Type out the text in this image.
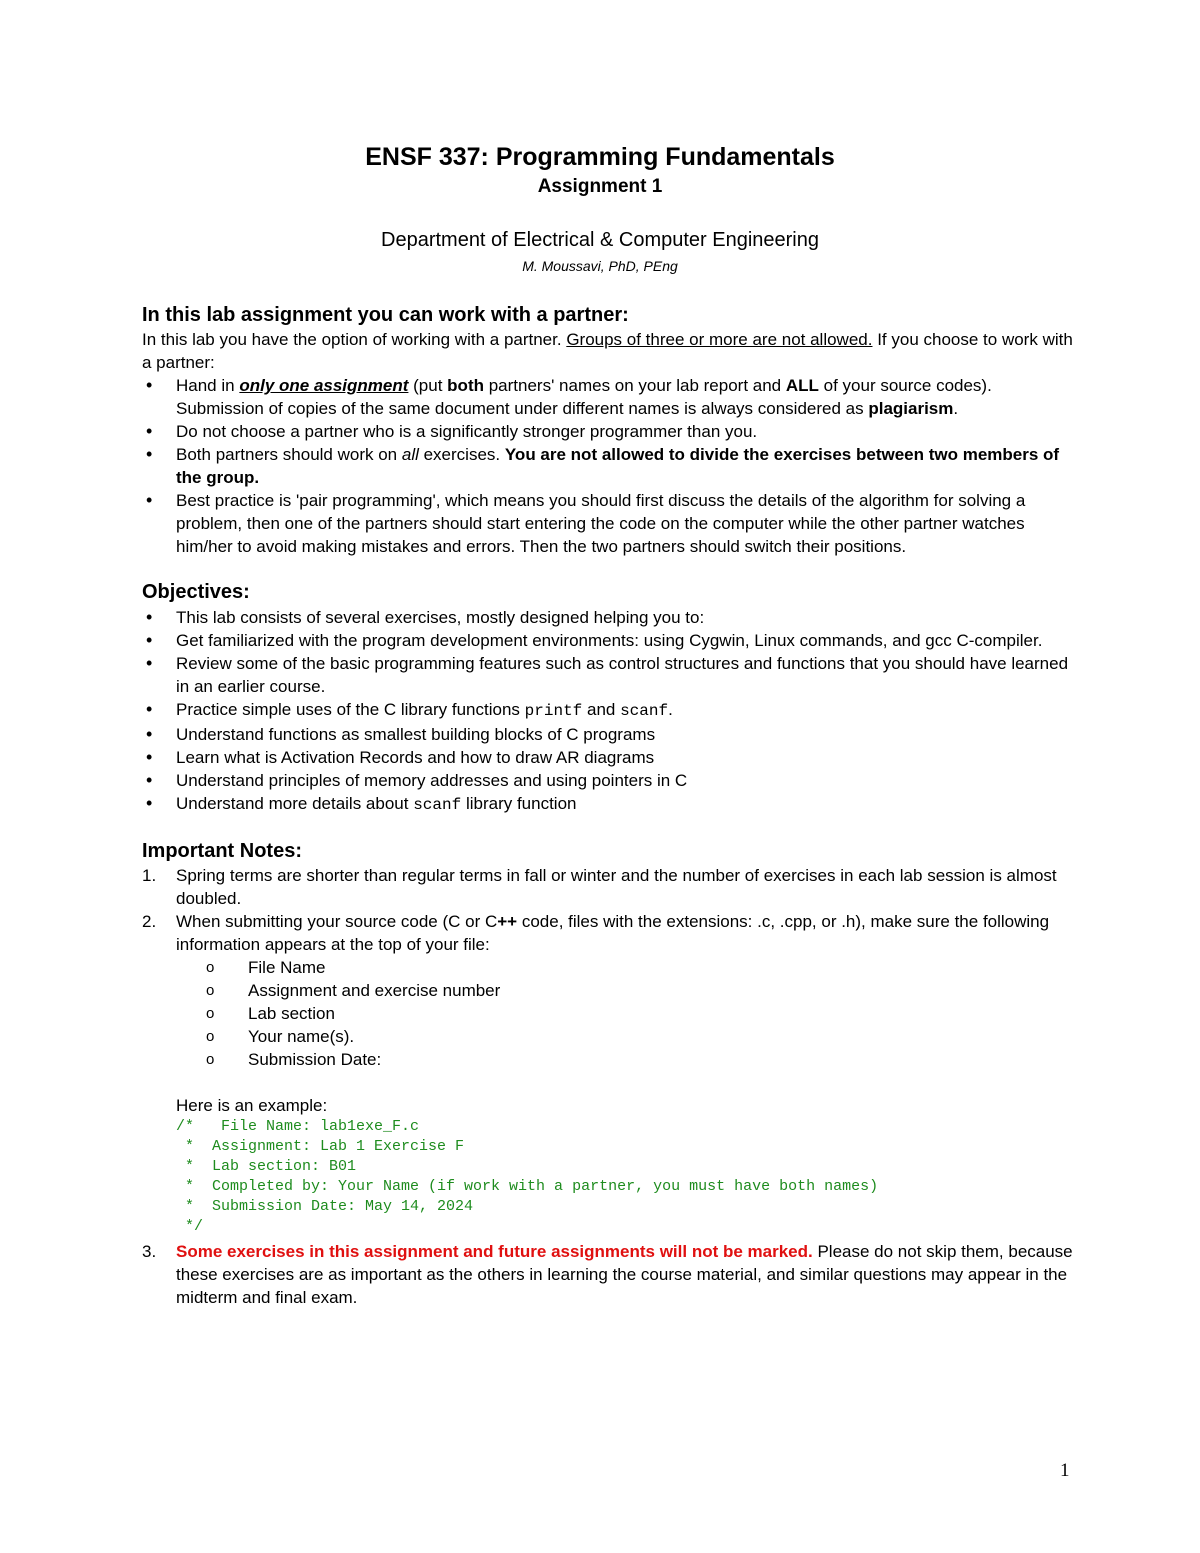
ENSF 337: Programming Fundamentals
Assignment 1
Department of Electrical & Computer Engineering
M. Moussavi, PhD, PEng

In this lab assignment you can work with a partner:

In this lab you have the option of working with a partner. Groups of three or more are not allowed. If you choose to work with a partner:

• Hand in only one assignment (put both partners' names on your lab report and ALL of your source codes). Submission of copies of the same document under different names is always considered as plagiarism.
• Do not choose a partner who is a significantly stronger programmer than you.
• Both partners should work on all exercises. You are not allowed to divide the exercises between two members of the group.
• Best practice is 'pair programming', which means you should first discuss the details of the algorithm for solving a problem, then one of the partners should start entering the code on the computer while the other partner watches him/her to avoid making mistakes and errors. Then the two partners should switch their positions.

Objectives:

• This lab consists of several exercises, mostly designed helping you to:
• Get familiarized with the program development environments: using Cygwin, Linux commands, and gcc C-compiler.
• Review some of the basic programming features such as control structures and functions that you should have learned in an earlier course.
• Practice simple uses of the C library functions printf and scanf.
• Understand functions as smallest building blocks of C programs
• Learn what is Activation Records and how to draw AR diagrams
• Understand principles of memory addresses and using pointers in C
• Understand more details about scanf library function

Important Notes:

1. Spring terms are shorter than regular terms in fall or winter and the number of exercises in each lab session is almost doubled.
2. When submitting your source code (C or C++ code, files with the extensions: .c, .cpp, or .h), make sure the following information appears at the top of your file:
o File Name
o Assignment and exercise number
o Lab section
o Your name(s).
o Submission Date:

Here is an example:

/*   File Name: lab1exe_F.c
*  Assignment: Lab 1 Exercise F
*  Lab section: B01
*  Completed by: Your Name (if work with a partner, you must have both names)
*  Submission Date: May 14, 2024
*/
3. Some exercises in this assignment and future assignments will not be marked. Please do not skip them, because these exercises are as important as the others in learning the course material, and similar questions may appear in the midterm and final exam.
1
